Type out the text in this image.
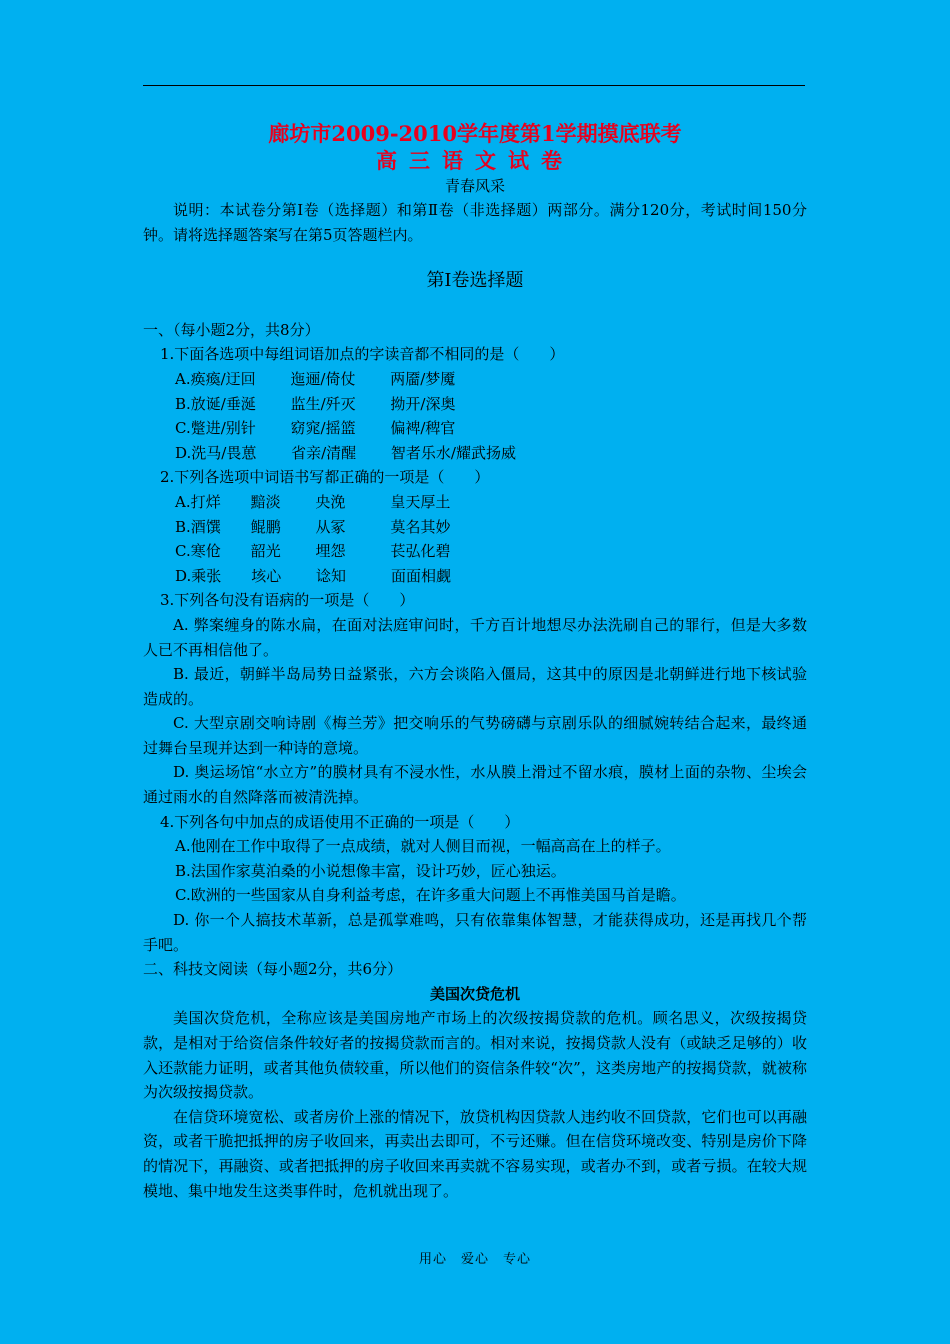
廊坊市2009-2010学年度第1学期摸底联考

高三语文试卷

青春风采

说明：本试卷分第Ⅰ卷（选择题）和第Ⅱ卷（非选择题）两部分。满分120分，考试时间150分钟。请将选择题答案写在第5页答题栏内。

第Ⅰ卷选择题

一、（每小题2分，共8分）

1.下面各选项中每组词语加点的字读音都不相同的是（　　）

A.痪瘓/迂回　　 迤逦/倚仗　　 两靥/梦魇

B.放诞/垂涎　　 监生/歼灭　　 拗开/深奥

C.蹩进/别针　　 窈窕/摇篮　　 偏裨/稗官

D.洗马/畏葸　　 省亲/清醒　　 智者乐水/耀武扬威

2.下列各选项中词语书写都正确的一项是（　　）

A.打烊　　黯淡　　 央浼　　　皇天厚土

B.酒馔　　鲲鹏　　 从冢　　　莫名其妙

C.寒伧　　韶光　　 埋怨　　　苌弘化碧

D.乘张　　垓心　　 谂知　　　面面相觑

3.下列各句没有语病的一项是（　　）

A. 弊案缠身的陈水扁，在面对法庭审问时，千方百计地想尽办法洗刷自己的罪行，但是大多数人已不再相信他了。

B. 最近，朝鲜半岛局势日益紧张，六方会谈陷入僵局，这其中的原因是北朝鲜进行地下核试验造成的。

C. 大型京剧交响诗剧《梅兰芳》把交响乐的气势磅礴与京剧乐队的细腻婉转结合起来，最终通过舞台呈现并达到一种诗的意境。

D. 奥运场馆“水立方”的膜材具有不浸水性，水从膜上滑过不留水痕，膜材上面的杂物、尘埃会通过雨水的自然降落而被清洗掉。

4.下列各句中加点的成语使用不正确的一项是（　　）

A.他刚在工作中取得了一点成绩，就对人侧目而视，一幅高高在上的样子。

B.法国作家莫泊桑的小说想像丰富，设计巧妙，匠心独运。

C.欧洲的一些国家从自身利益考虑，在许多重大问题上不再惟美国马首是瞻。

D. 你一个人搞技术革新，总是孤掌难鸣，只有依靠集体智慧，才能获得成功，还是再找几个帮手吧。

二、科技文阅读（每小题2分，共6分）

美国次贷危机

美国次贷危机，全称应该是美国房地产市场上的次级按揭贷款的危机。顾名思义，次级按揭贷款，是相对于给资信条件较好者的按揭贷款而言的。相对来说，按揭贷款人没有（或缺乏足够的）收入还款能力证明，或者其他负债较重，所以他们的资信条件较“次”，这类房地产的按揭贷款，就被称为次级按揭贷款。

在信贷环境宽松、或者房价上涨的情况下，放贷机构因贷款人违约收不回贷款，它们也可以再融资，或者干脆把抵押的房子收回来，再卖出去即可，不亏还赚。但在信贷环境改变、特别是房价下降的情况下，再融资、或者把抵押的房子收回来再卖就不容易实现，或者办不到，或者亏损。在较大规模地、集中地发生这类事件时，危机就出现了。

用心　爱心　专心
